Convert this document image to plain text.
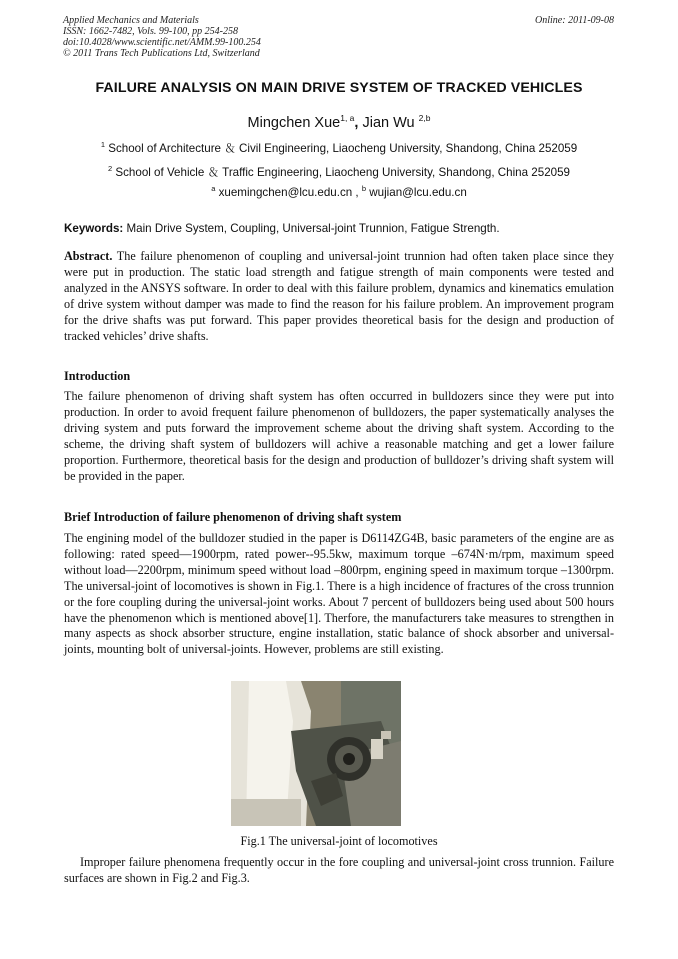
Applied Mechanics and Materials
ISSN: 1662-7482, Vols. 99-100, pp 254-258
doi:10.4028/www.scientific.net/AMM.99-100.254
© 2011 Trans Tech Publications Ltd, Switzerland
Online: 2011-09-08
FAILURE ANALYSIS ON MAIN DRIVE SYSTEM OF TRACKED VEHICLES
Mingchen Xue$^{1, a}$, Jian Wu $^{2,b}$
$^1$ School of Architecture ＆ Civil Engineering, Liaocheng University, Shandong, China 252059
$^2$ School of Vehicle ＆ Traffic Engineering, Liaocheng University, Shandong, China 252059
$^a$ xuemingchen@lcu.edu.cn , $^b$ wujian@lcu.edu.cn
Keywords: Main Drive System, Coupling, Universal-joint Trunnion, Fatigue Strength.
Abstract. The failure phenomenon of coupling and universal-joint trunnion had often taken place since they were put in production. The static load strength and fatigue strength of main components were tested and analyzed in the ANSYS software. In order to deal with this failure problem, dynamics and kinematics emulation of drive system without damper was made to find the reason for his failure problem. An improvement program for the drive shafts was put forward. This paper provides theoretical basis for the design and production of tracked vehicles’ drive shafts.
Introduction
The failure phenomenon of driving shaft system has often occurred in bulldozers since they were put into production. In order to avoid frequent failure phenomenon of bulldozers, the paper systematically analyses the driving system and puts forward the improvement scheme about the driving shaft system. According to the scheme, the driving shaft system of bulldozers will achive a reasonable matching and get a lower failure proportion. Furthermore, theoretical basis for the design and production of bulldozer’s driving shaft system will be provided in the paper.
Brief Introduction of failure phenomenon of driving shaft system
The engining model of the bulldozer studied in the paper is D6114ZG4B, basic parameters of the engine are as following: rated speed—1900rpm, rated power--95.5kw, maximum torque –674N·m/rpm, maximum speed without load—2200rpm, minimum speed without load –800rpm, engining speed in maximum torque –1300rpm. The universal-joint of locomotives is shown in Fig.1. There is a high incidence of fractures of the cross trunnion or the fore coupling during the universal-joint works. About 7 percent of bulldozers being used about 500 hours have the phenomenon which is mentioned above[1]. Therfore, the manufacturers take measures to strengthen in many aspects as shock absorber structure, engine installation, static balance of shock absorber and universal-joints, mounting bolt of universal-joints. However, problems are still existing.
Fig.1 The universal-joint of locomotives
Improper failure phenomena frequently occur in the fore coupling and universal-joint cross trunnion. Failure surfaces are shown in Fig.2 and Fig.3.
